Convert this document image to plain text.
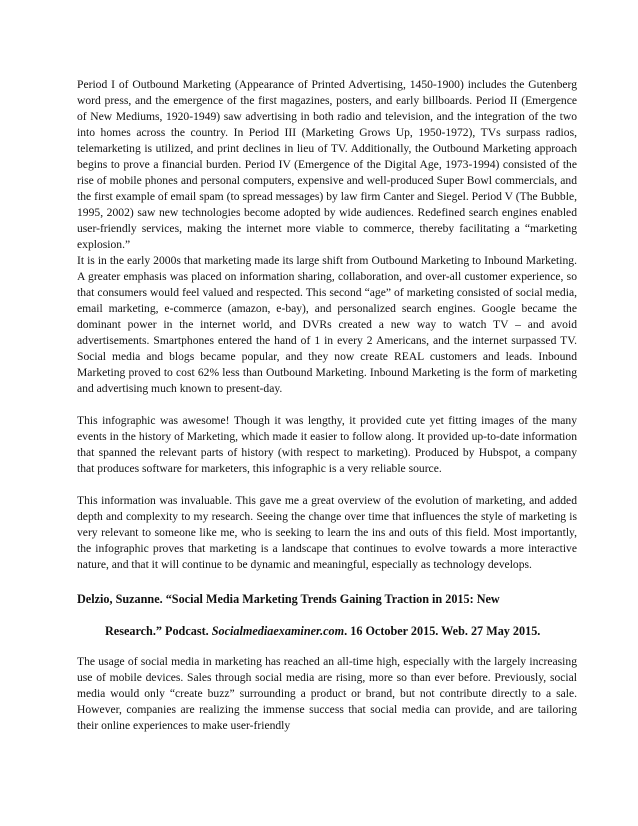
Period I of Outbound Marketing (Appearance of Printed Advertising, 1450-1900) includes the Gutenberg word press, and the emergence of the first magazines, posters, and early billboards. Period II (Emergence of New Mediums, 1920-1949) saw advertising in both radio and television, and the integration of the two into homes across the country. In Period III (Marketing Grows Up, 1950-1972), TVs surpass radios, telemarketing is utilized, and print declines in lieu of TV. Additionally, the Outbound Marketing approach begins to prove a financial burden. Period IV (Emergence of the Digital Age, 1973-1994) consisted of the rise of mobile phones and personal computers, expensive and well-produced Super Bowl commercials, and the first example of email spam (to spread messages) by law firm Canter and Siegel. Period V (The Bubble, 1995, 2002) saw new technologies become adopted by wide audiences. Redefined search engines enabled user-friendly services, making the internet more viable to commerce, thereby facilitating a “marketing explosion.”

It is in the early 2000s that marketing made its large shift from Outbound Marketing to Inbound Marketing. A greater emphasis was placed on information sharing, collaboration, and over-all customer experience, so that consumers would feel valued and respected. This second “age” of marketing consisted of social media, email marketing, e-commerce (amazon, e-bay), and personalized search engines. Google became the dominant power in the internet world, and DVRs created a new way to watch TV – and avoid advertisements. Smartphones entered the hand of 1 in every 2 Americans, and the internet surpassed TV. Social media and blogs became popular, and they now create REAL customers and leads. Inbound Marketing proved to cost 62% less than Outbound Marketing. Inbound Marketing is the form of marketing and advertising much known to present-day.

This infographic was awesome! Though it was lengthy, it provided cute yet fitting images of the many events in the history of Marketing, which made it easier to follow along. It provided up-to-date information that spanned the relevant parts of history (with respect to marketing). Produced by Hubspot, a company that produces software for marketers, this infographic is a very reliable source.

This information was invaluable. This gave me a great overview of the evolution of marketing, and added depth and complexity to my research. Seeing the change over time that influences the style of marketing is very relevant to someone like me, who is seeking to learn the ins and outs of this field. Most importantly, the infographic proves that marketing is a landscape that continues to evolve towards a more interactive nature, and that it will continue to be dynamic and meaningful, especially as technology develops.

Delzio, Suzanne. “Social Media Marketing Trends Gaining Traction in 2015: New

Research.” Podcast. Socialmediaexaminer.com. 16 October 2015. Web. 27 May 2015.

The usage of social media in marketing has reached an all-time high, especially with the largely increasing use of mobile devices. Sales through social media are rising, more so than ever before. Previously, social media would only “create buzz” surrounding a product or brand, but not contribute directly to a sale. However, companies are realizing the immense success that social media can provide, and are tailoring their online experiences to make user-friendly
